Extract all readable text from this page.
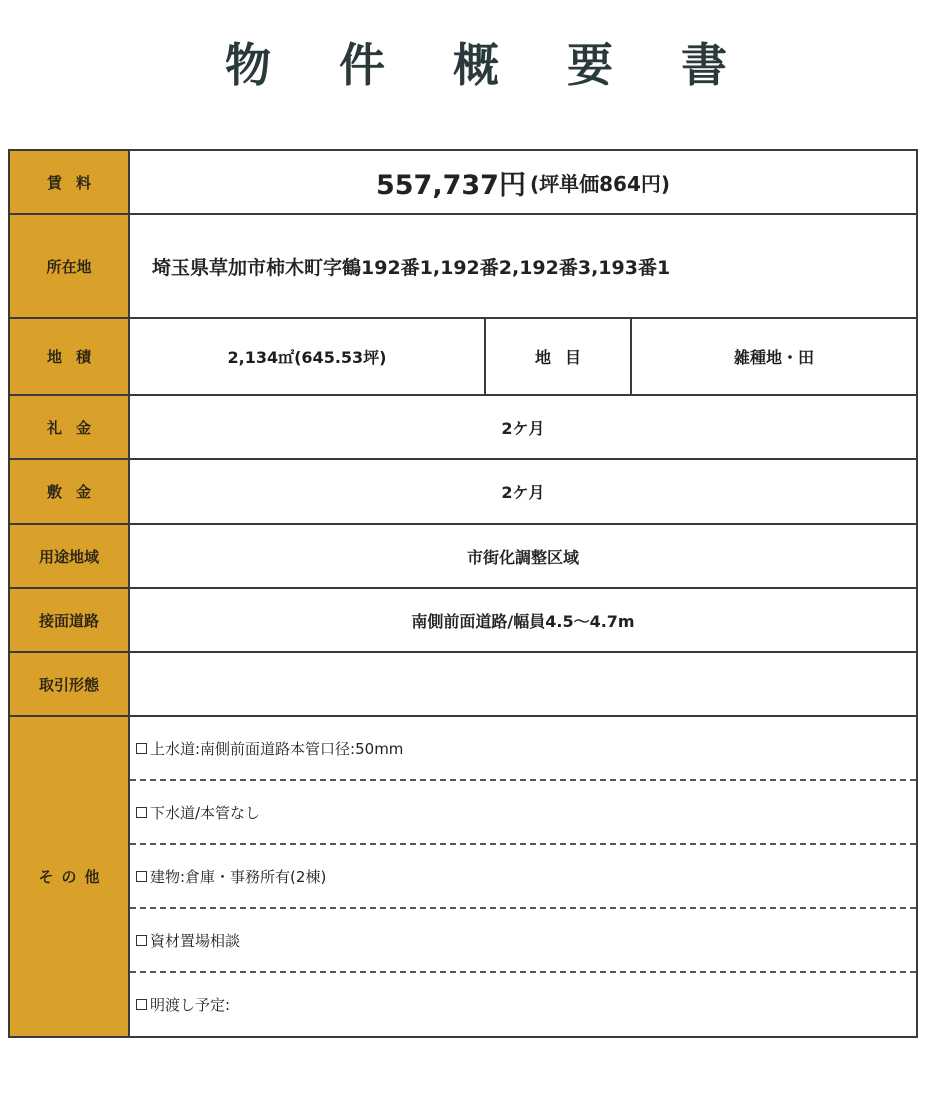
物 件 概 要 書
賃料	557,737円 (坪単価864円)
所在地	埼玉県草加市柿木町字鶴192番1,192番2,192番3,193番1
地積	2,134㎡(645.53坪)	地目	雑種地・田
礼金	2ケ月
敷金	2ケ月
用途地域	市街化調整区域
接面道路	南側前面道路/幅員4.5～4.7m
取引形態
その他
上水道:南側前面道路本管口径:50mm
下水道/本管なし
建物:倉庫・事務所有(2棟)
資材置場相談
明渡し予定:
